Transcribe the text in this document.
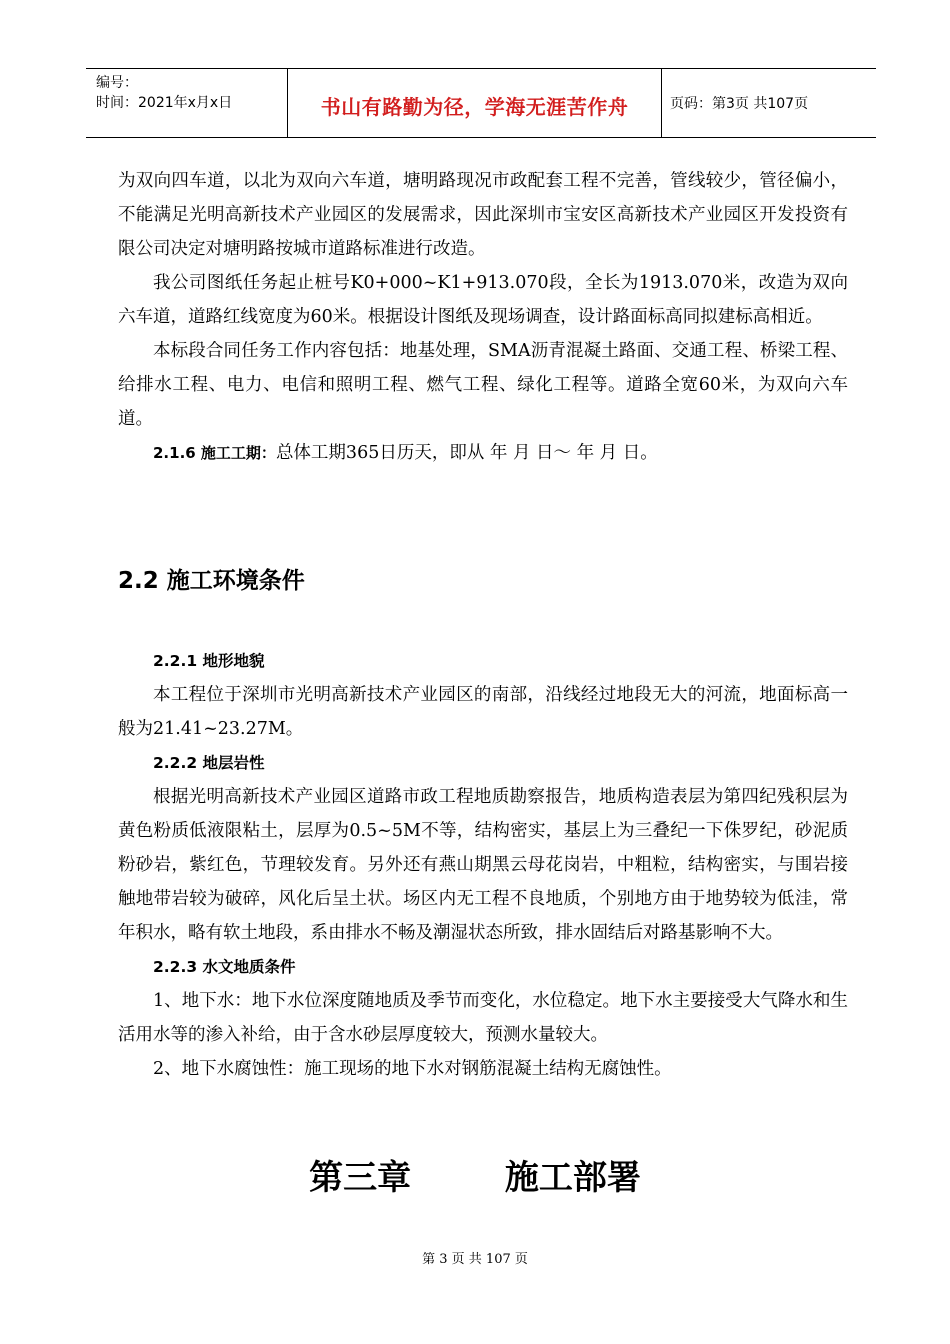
编号：
时间：2021年x月x日	书山有路勤为径，学海无涯苦作舟	页码：第3页 共107页

为双向四车道，以北为双向六车道，塘明路现况市政配套工程不完善，管线较少，管径偏小，不能满足光明高新技术产业园区的发展需求，因此深圳市宝安区高新技术产业园区开发投资有限公司决定对塘明路按城市道路标准进行改造。

我公司图纸任务起止桩号K0+000~K1+913.070段，全长为1913.070米，改造为双向六车道，道路红线宽度为60米。根据设计图纸及现场调查，设计路面标高同拟建标高相近。

本标段合同任务工作内容包括：地基处理，SMA沥青混凝土路面、交通工程、桥梁工程、给排水工程、电力、电信和照明工程、燃气工程、绿化工程等。道路全宽60米，为双向六车道。

2.1.6 施工工期：总体工期365日历天，即从 年 月 日～ 年 月 日。

2.2 施工环境条件

2.2.1 地形地貌

本工程位于深圳市光明高新技术产业园区的南部，沿线经过地段无大的河流，地面标高一般为21.41~23.27M。

2.2.2 地层岩性

根据光明高新技术产业园区道路市政工程地质勘察报告，地质构造表层为第四纪残积层为黄色粉质低液限粘土，层厚为0.5~5M不等，结构密实，基层上为三叠纪一下侏罗纪，砂泥质粉砂岩，紫红色，节理较发育。另外还有燕山期黑云母花岗岩，中粗粒，结构密实，与围岩接触地带岩较为破碎，风化后呈土状。场区内无工程不良地质，个别地方由于地势较为低洼，常年积水，略有软土地段，系由排水不畅及潮湿状态所致，排水固结后对路基影响不大。

2.2.3 水文地质条件

1、地下水：地下水位深度随地质及季节而变化，水位稳定。地下水主要接受大气降水和生活用水等的渗入补给，由于含水砂层厚度较大，预测水量较大。

2、地下水腐蚀性：施工现场的地下水对钢筋混凝土结构无腐蚀性。

第三章	施工部署
第 3 页 共 107 页
